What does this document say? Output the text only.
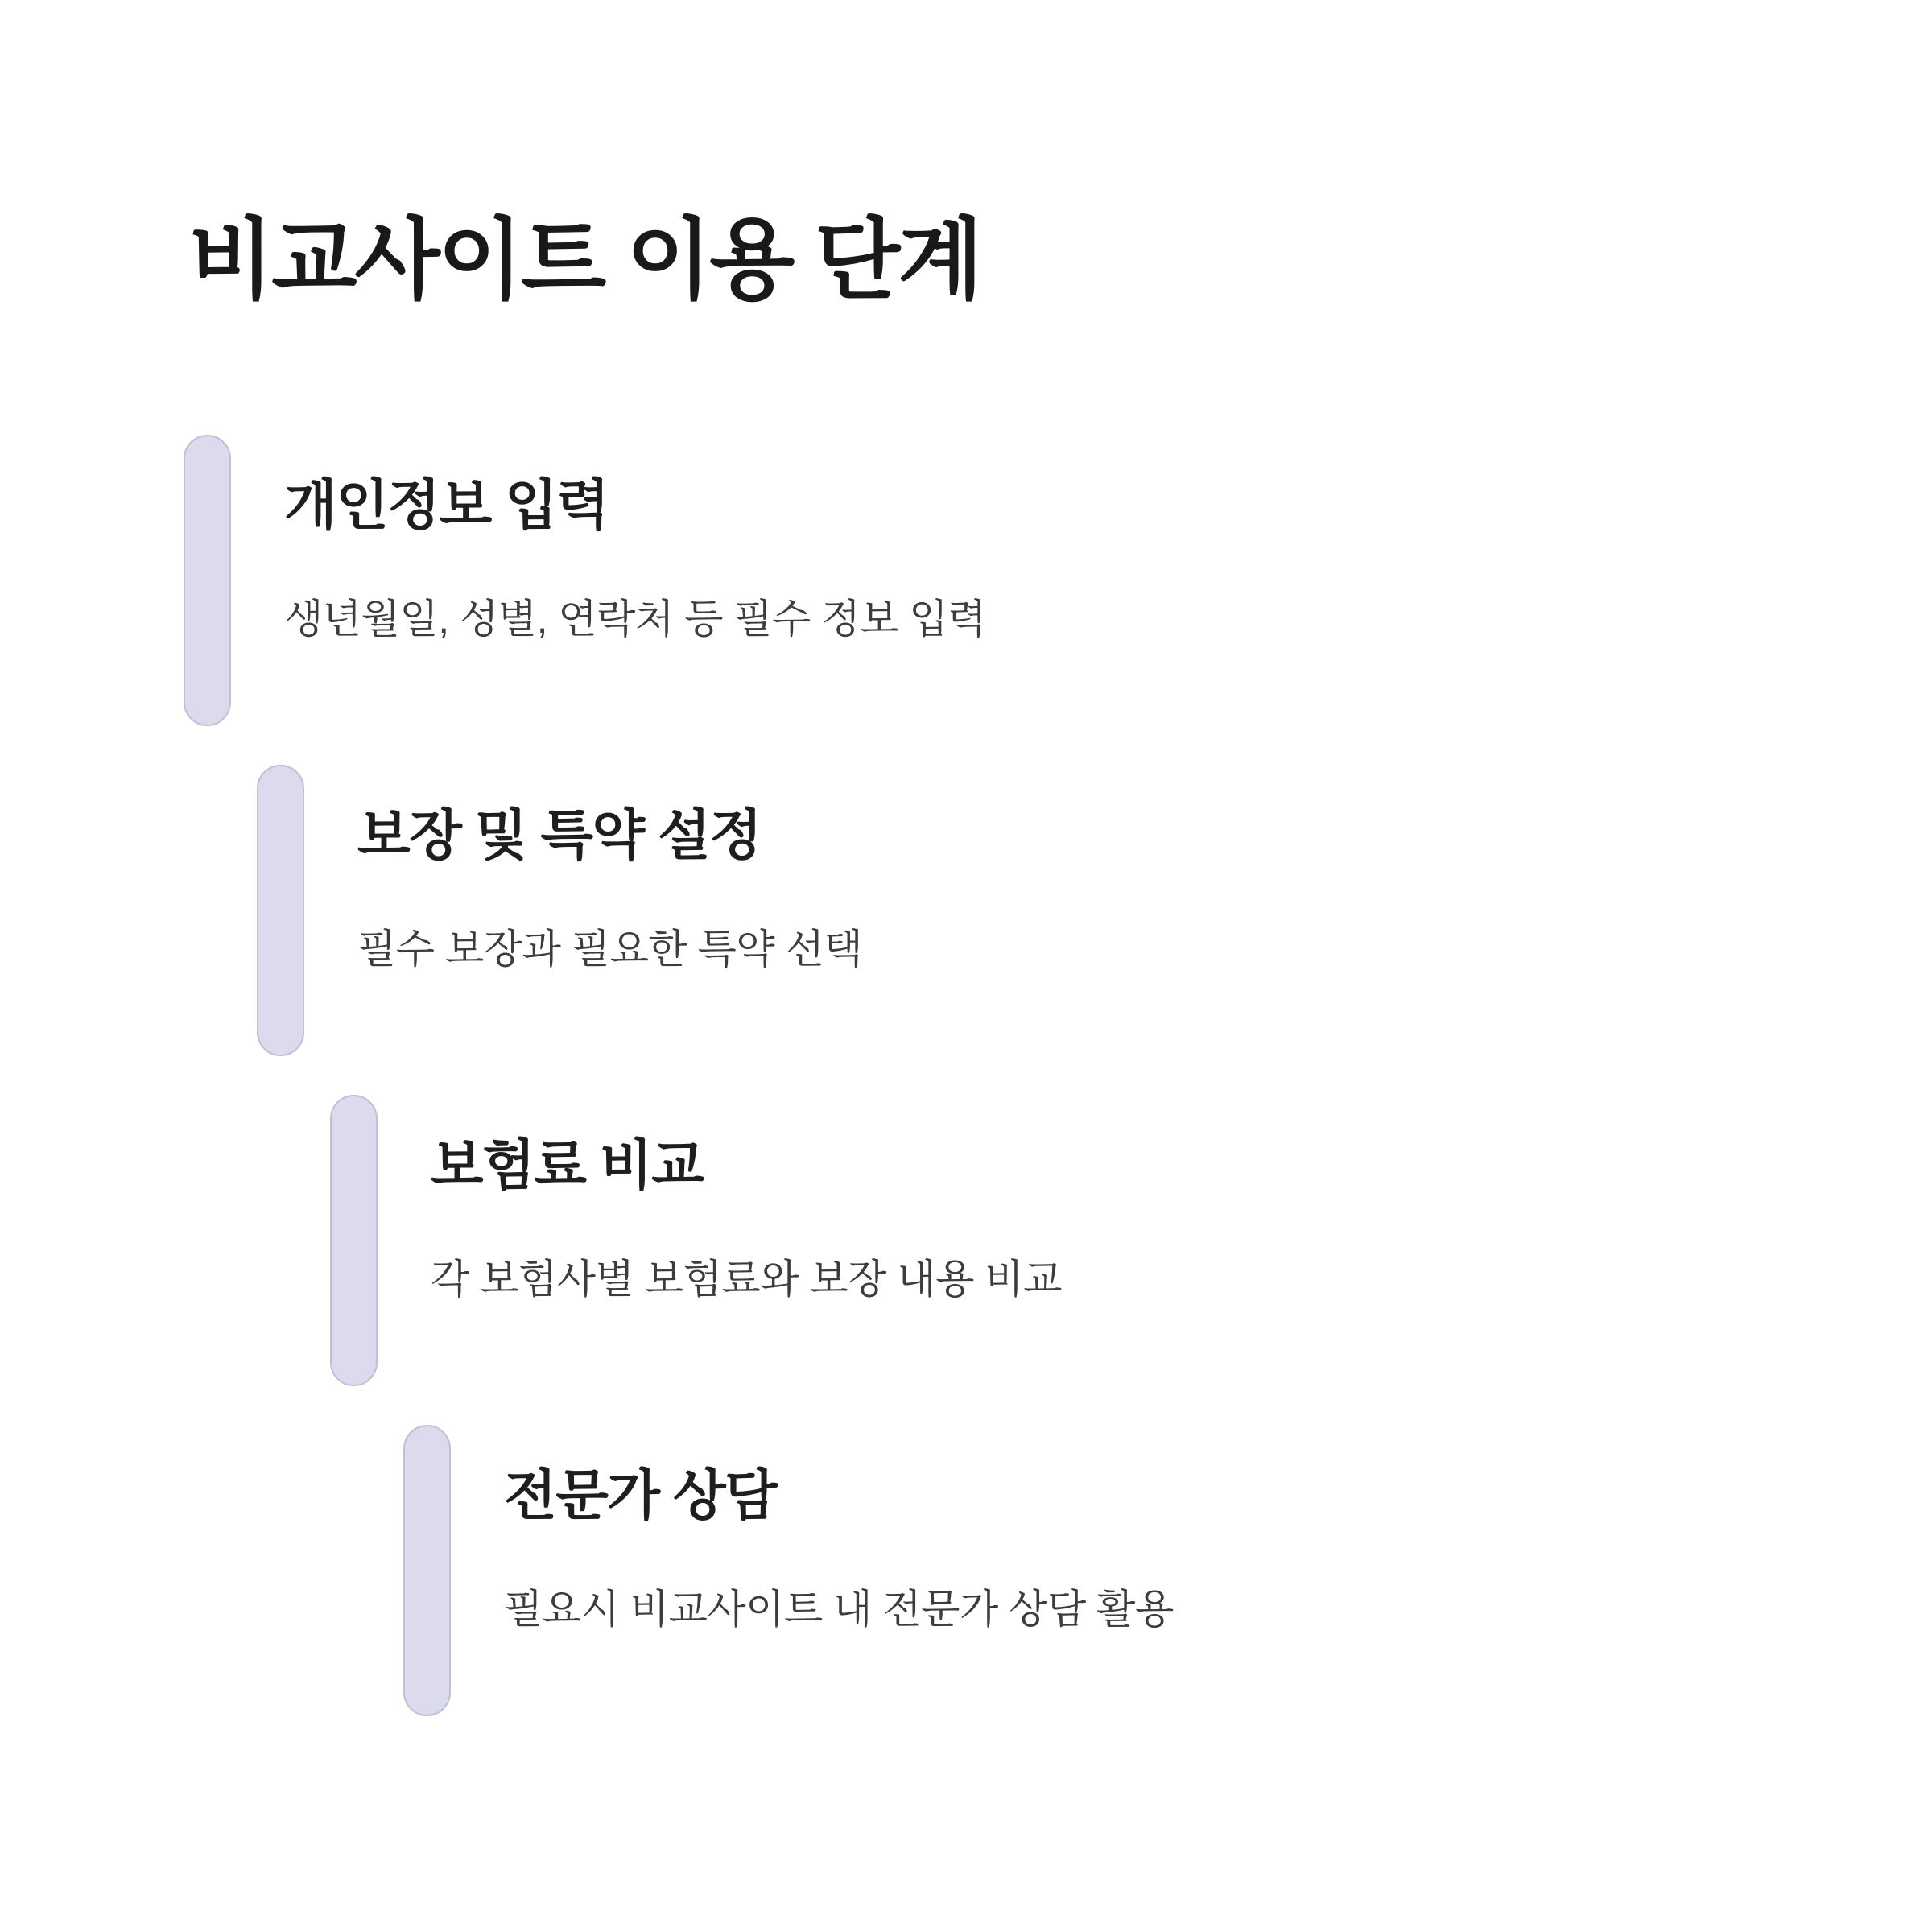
비교사이트 이용 단계
개인정보 입력

생년월일, 성별, 연락처 등 필수 정보 입력

보장 및 특약 설정

필수 보장과 필요한 특약 선택

보험료 비교

각 보험사별 보험료와 보장 내용 비교

전문가 상담

필요시 비교사이트 내 전문가 상담 활용
